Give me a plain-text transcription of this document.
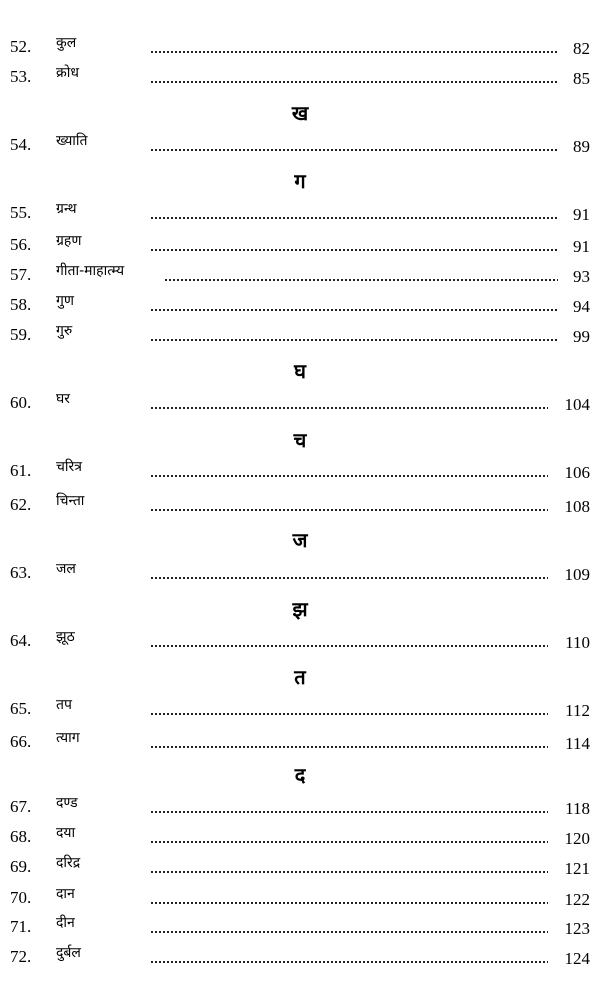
52. कुल	82
53. क्रोध	85
ख
54. ख्याति	89
ग
55. ग्रन्थ	91
56. ग्रहण	91
57. गीता-माहात्म्य	93
58. गुण	94
59. गुरु	99
घ
60. घर	104
च
61. चरित्र	106
62. चिन्ता	108
ज
63. जल	109
झ
64. झूठ	110
त
65. तप	112
66. त्याग	114
द
67. दण्ड	118
68. दया	120
69. दरिद्र	121
70. दान	122
71. दीन	123
72. दुर्बल	124
